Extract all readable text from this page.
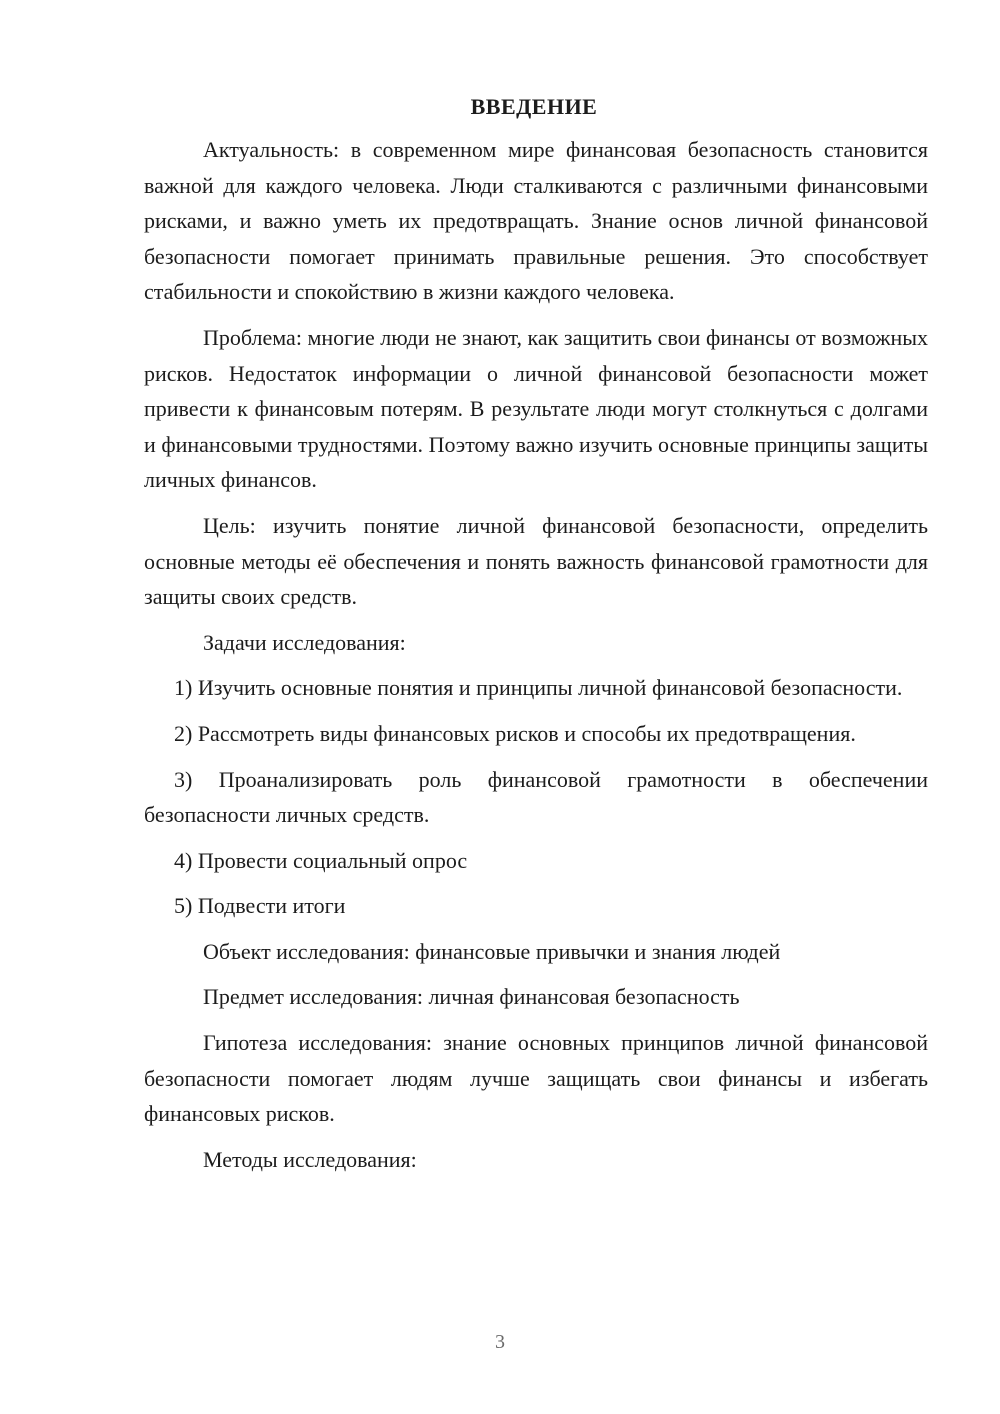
ВВЕДЕНИЕ

Актуальность: в современном мире финансовая безопасность становится важной для каждого человека. Люди сталкиваются с различными финансовыми рисками, и важно уметь их предотвращать. Знание основ личной финансовой безопасности помогает принимать правильные решения. Это способствует стабильности и спокойствию в жизни каждого человека.

Проблема: многие люди не знают, как защитить свои финансы от возможных рисков. Недостаток информации о личной финансовой безопасности может привести к финансовым потерям. В результате люди могут столкнуться с долгами и финансовыми трудностями. Поэтому важно изучить основные принципы защиты личных финансов.

Цель: изучить понятие личной финансовой безопасности, определить основные методы её обеспечения и понять важность финансовой грамотности для защиты своих средств.

Задачи исследования:

1) Изучить основные понятия и принципы личной финансовой безопасности.

2) Рассмотреть виды финансовых рисков и способы их предотвращения.

3) Проанализировать роль финансовой грамотности в обеспечении безопасности личных средств.

4) Провести социальный опрос

5) Подвести итоги

Объект исследования: финансовые привычки и знания людей

Предмет исследования: личная финансовая безопасность

Гипотеза исследования: знание основных принципов личной финансовой безопасности помогает людям лучше защищать свои финансы и избегать финансовых рисков.

Методы исследования:

3
